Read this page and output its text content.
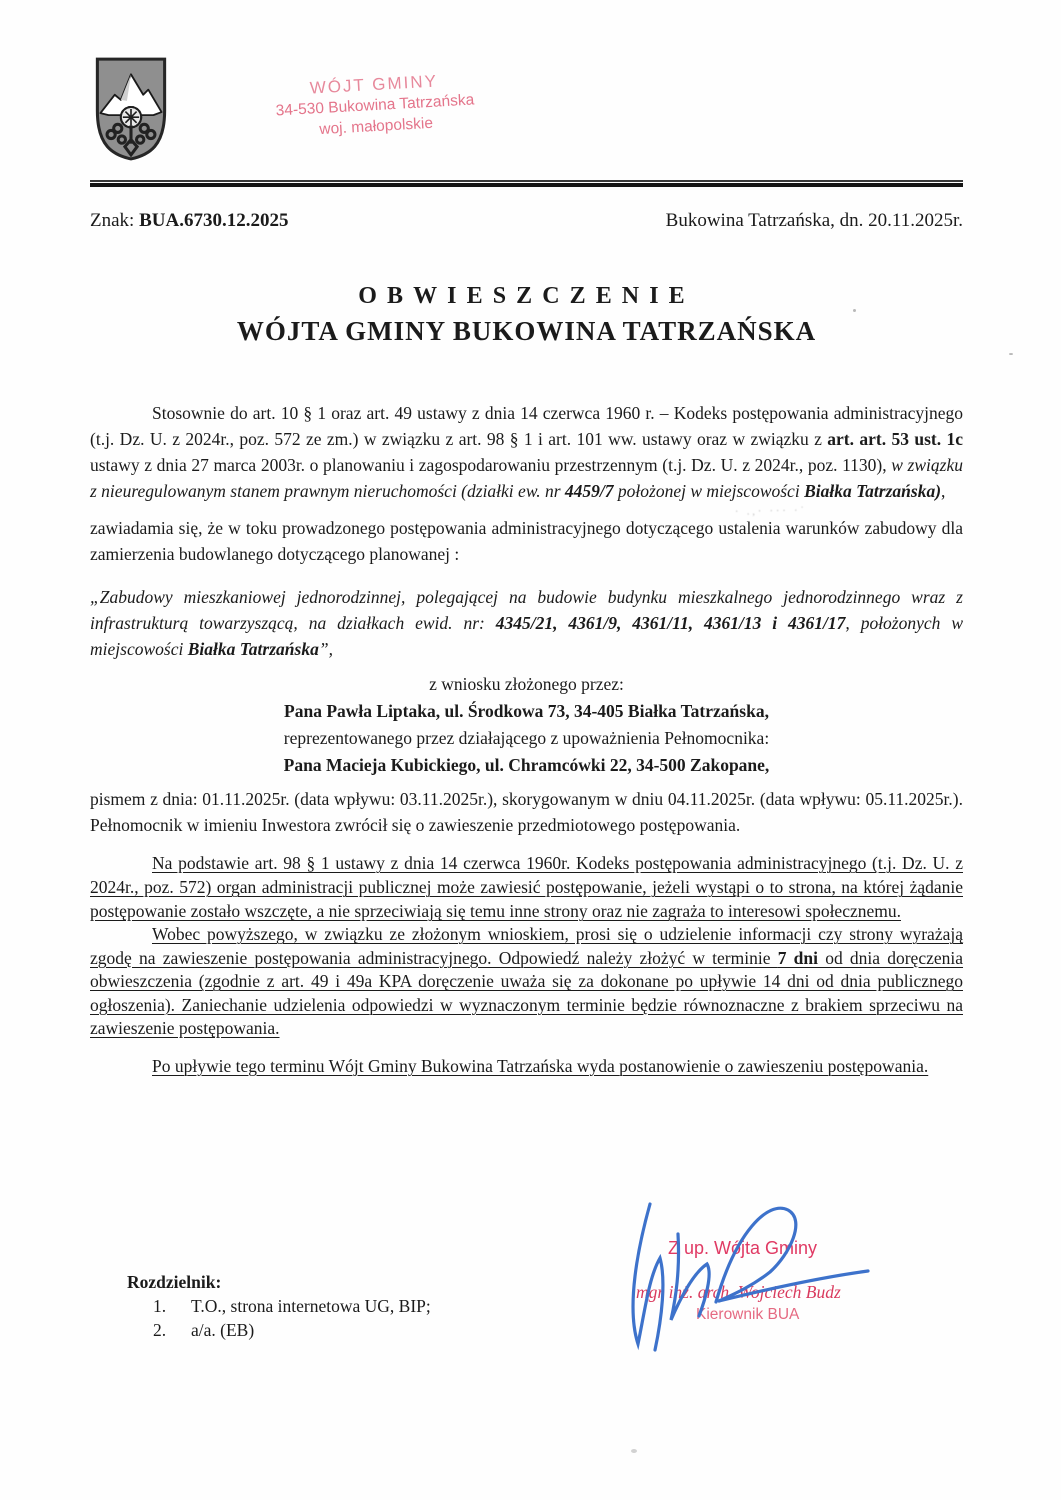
WÓJT GMINY
34-530 Bukowina Tatrzańska
woj. małopolskie
Znak: BUA.6730.12.2025	Bukowina Tatrzańska, dn. 20.11.2025r.

OBWIESZCZENIE

WÓJTA GMINY BUKOWINA TATRZAŃSKA

· .,· ··· ·˙

Stosownie do art. 10 § 1 oraz art. 49 ustawy z dnia 14 czerwca 1960 r. – Kodeks postępowania administracyjnego (t.j. Dz. U. z 2024r., poz. 572 ze zm.) w związku z art. 98 § 1 i art. 101 ww. ustawy oraz w związku z art. art. 53 ust. 1c ustawy z dnia 27 marca 2003r. o planowaniu i zagospodarowaniu przestrzennym (t.j. Dz. U. z 2024r., poz. 1130), w związku z nieuregulowanym stanem prawnym nieruchomości (działki ew. nr 4459/7 położonej w miejscowości Białka Tatrzańska),

zawiadamia się, że w toku prowadzonego postępowania administracyjnego dotyczącego ustalenia warunków zabudowy dla zamierzenia budowlanego dotyczącego planowanej :

„Zabudowy mieszkaniowej jednorodzinnej, polegającej na budowie budynku mieszkalnego jednorodzinnego wraz z infrastrukturą towarzyszącą, na działkach ewid. nr: 4345/21, 4361/9, 4361/11, 4361/13 i 4361/17, położonych w miejscowości Białka Tatrzańska”,

z wniosku złożonego przez:
Pana Pawła Liptaka, ul. Środkowa 73, 34-405 Białka Tatrzańska,
reprezentowanego przez działającego z upoważnienia Pełnomocnika:
Pana Macieja Kubickiego, ul. Chramcówki 22, 34-500 Zakopane,

pismem z dnia: 01.11.2025r. (data wpływu: 03.11.2025r.), skorygowanym w dniu 04.11.2025r. (data wpływu: 05.11.2025r.). Pełnomocnik w imieniu Inwestora zwrócił się o zawieszenie przedmiotowego postępowania.

Na podstawie art. 98 § 1 ustawy z dnia 14 czerwca 1960r. Kodeks postępowania administracyjnego (t.j. Dz. U. z 2024r., poz. 572) organ administracji publicznej może zawiesić postępowanie, jeżeli wystąpi o to strona, na której żądanie postępowanie zostało wszczęte, a nie sprzeciwiają się temu inne strony oraz nie zagraża to interesowi społecznemu.

Wobec powyższego, w związku ze złożonym wnioskiem, prosi się o udzielenie informacji czy strony wyrażają zgodę na zawieszenie postępowania administracyjnego. Odpowiedź należy złożyć w terminie 7 dni od dnia doręczenia obwieszczenia (zgodnie z art. 49 i 49a KPA doręczenie uważa się za dokonane po upływie 14 dni od dnia publicznego ogłoszenia). Zaniechanie udzielenia odpowiedzi w wyznaczonym terminie będzie równoznaczne z brakiem sprzeciwu na zawieszenie postępowania.

Po upływie tego terminu Wójt Gminy Bukowina Tatrzańska wyda postanowienie o zawieszeniu postępowania.

Z up. Wójta Gminy
mgr inż. arch. Wojciech Budz
Kierownik BUA
Rozdzielnik:
1.	T.O., strona internetowa UG, BIP;
2.	a/a. (EB)
